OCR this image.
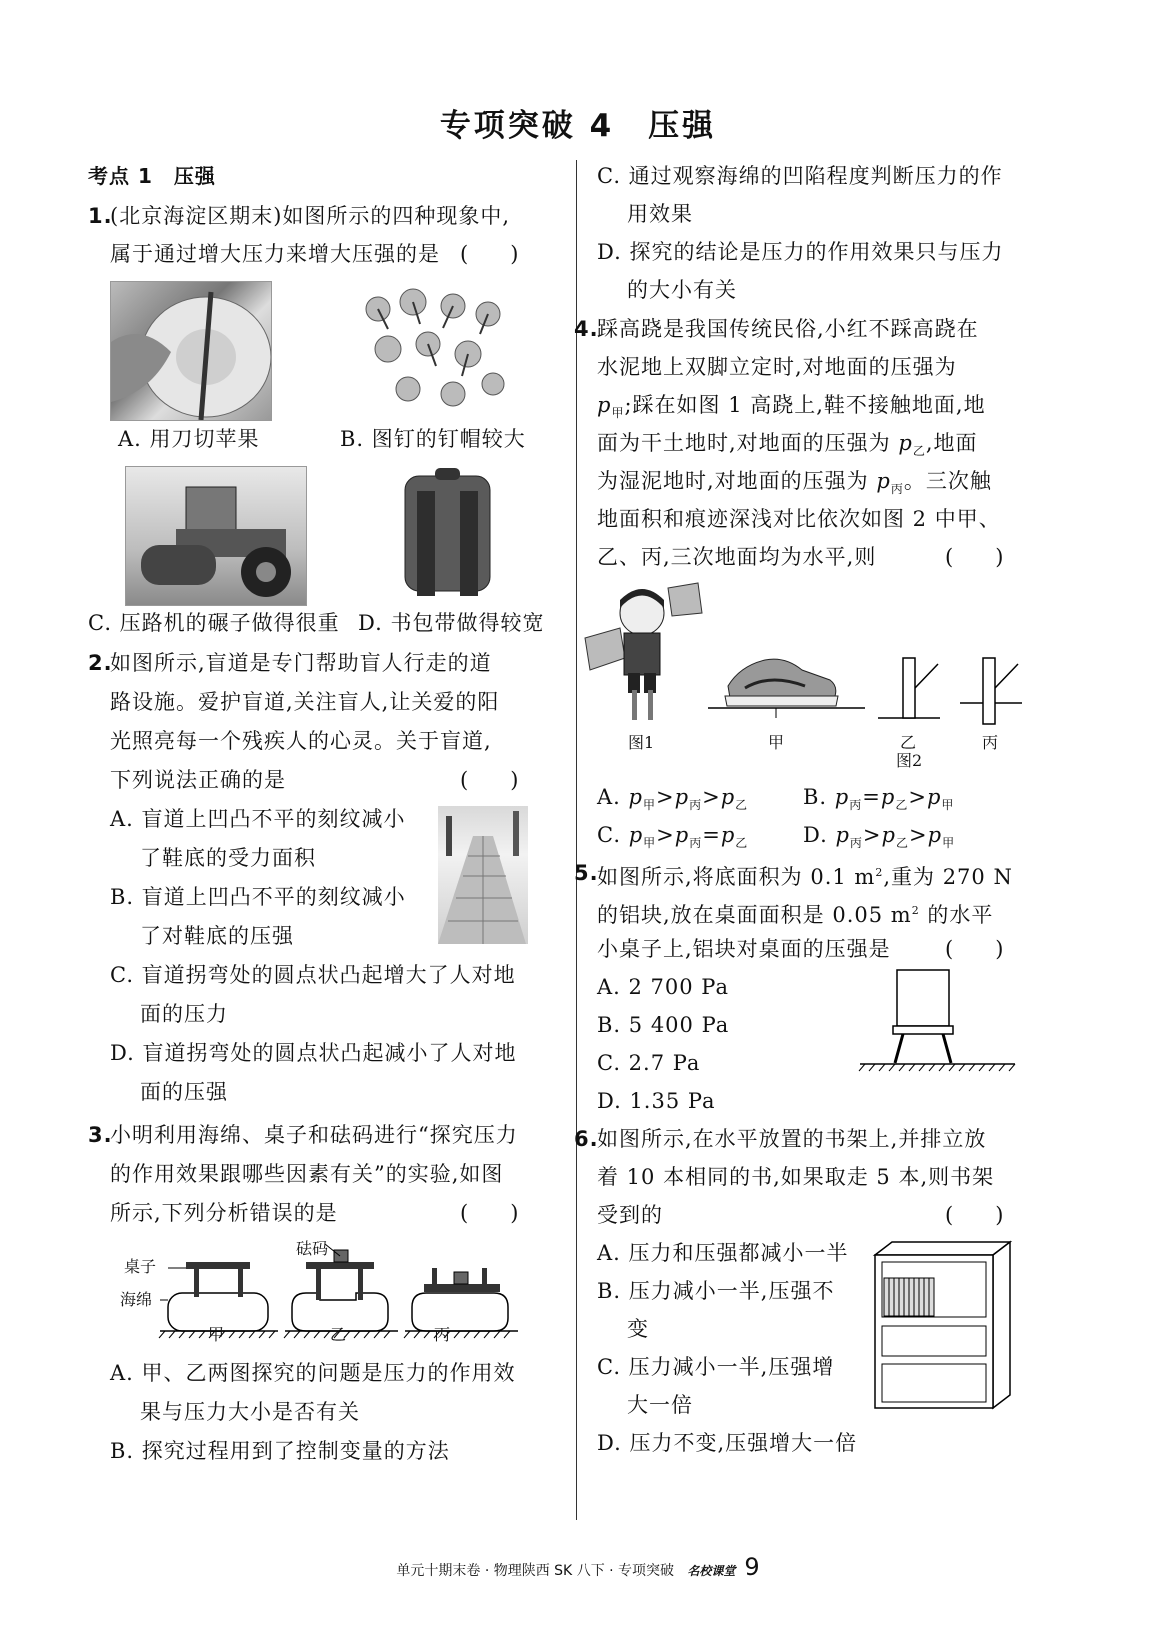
专项突破 4　压强
考点 1　压强
1.
(北京海淀区期末)如图所示的四种现象中,
属于通过增大压力来增大压强的是 (　　)
A. 用刀切苹果	B. 图钉的钉帽较大
C. 压路机的碾子做得很重 D. 书包带做得较宽
2.
如图所示,盲道是专门帮助盲人行走的道
路设施。爱护盲道,关注盲人,让关爱的阳
光照亮每一个残疾人的心灵。关于盲道,
下列说法正确的是	(　　)
A. 盲道上凹凸不平的刻纹减小
了鞋底的受力面积
B. 盲道上凹凸不平的刻纹减小
了对鞋底的压强
C. 盲道拐弯处的圆点状凸起增大了人对地
面的压力
D. 盲道拐弯处的圆点状凸起减小了人对地
面的压强
3.
小明利用海绵、桌子和砝码进行“探究压力
的作用效果跟哪些因素有关”的实验,如图
所示,下列分析错误的是	(　　)
桌子
海绵
砝码
甲	乙	丙
A. 甲、乙两图探究的问题是压力的作用效
果与压力大小是否有关
B. 探究过程用到了控制变量的方法
C. 通过观察海绵的凹陷程度判断压力的作
用效果
D. 探究的结论是压力的作用效果只与压力
的大小有关
4.
踩高跷是我国传统民俗,小红不踩高跷在
水泥地上双脚立定时,对地面的压强为
$p_甲$;踩在如图 1 高跷上,鞋不接触地面,地
面为干土地时,对地面的压强为 $p_乙$,地面
为湿泥地时,对地面的压强为 $p_丙$。三次触
地面积和痕迹深浅对比依次如图 2 中甲、
乙、丙,三次地面均为水平,则	(　　)
图1	甲	乙
图2
丙
A. $p_甲>p_丙>p_乙$	B. $p_丙=p_乙>p_甲$
C. $p_甲>p_丙=p_乙$	D. $p_丙>p_乙>p_甲$
5.
如图所示,将底面积为 0.1 $m^2$,重为 270 N
的铝块,放在桌面面积是 0.05 $m^2$ 的水平
小桌子上,铝块对桌面的压强是	(　　)
A. 2 700 Pa
B. 5 400 Pa
C. 2.7 Pa
D. 1.35 Pa
6.
如图所示,在水平放置的书架上,并排立放
着 10 本相同的书,如果取走 5 本,则书架
受到的	(　　)
A. 压力和压强都减小一半
B. 压力减小一半,压强不
变
C. 压力减小一半,压强增
大一倍
D. 压力不变,压强增大一倍
单元十期末卷 · 物理陕西 SK 八下 · 专项突破 名校课堂 9
